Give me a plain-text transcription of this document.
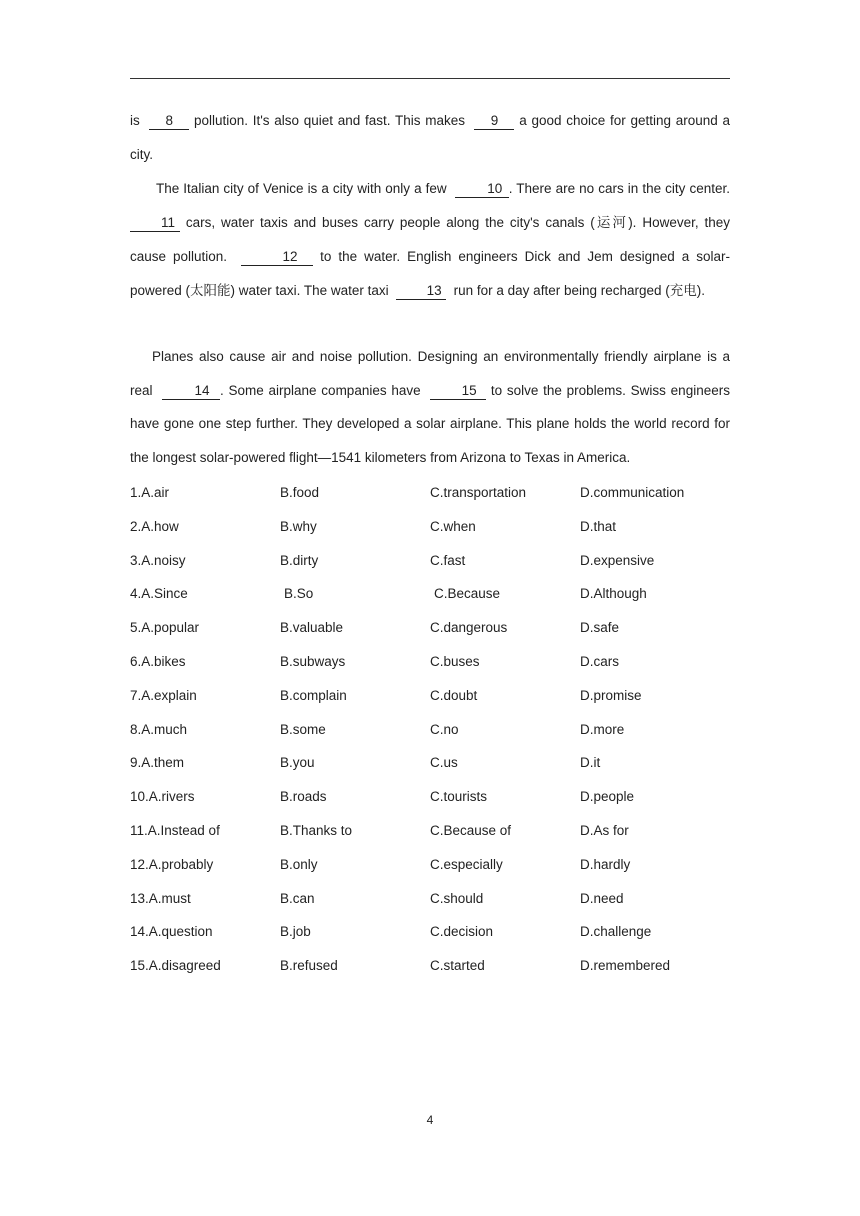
is 8 pollution. It's also quiet and fast. This makes 9 a good choice for getting around a city.

The Italian city of Venice is a city with only a few	10 . There are no cars in the city center. 11 cars, water taxis and buses carry people along the city's canals (运河). However, they cause pollution.	12 to the water. English engineers Dick and Jem designed a solar-powered (太阳能) water taxi. The water taxi	13 run for a day after being recharged (充电).

Planes also cause air and noise pollution. Designing an environmentally friendly airplane is a real	14 . Some airplane companies have	15 to solve the problems. Swiss engineers have gone one step further. They developed a solar airplane. This plane holds the world record for the longest solar-powered flight—1541 kilometers from Arizona to Texas in America.

1.A.air	B.food	C.transportation	D.communication
2.A.how	B.why	C.when	D.that
3.A.noisy	B.dirty	C.fast	D.expensive
4.A.Since	B.So	C.Because	D.Although
5.A.popular	B.valuable	C.dangerous	D.safe
6.A.bikes	B.subways	C.buses	D.cars
7.A.explain	B.complain	C.doubt	D.promise
8.A.much	B.some	C.no	D.more
9.A.them	B.you	C.us	D.it
10.A.rivers	B.roads	C.tourists	D.people
11.A.Instead of	B.Thanks to	C.Because of	D.As for
12.A.probably	B.only	C.especially	D.hardly
13.A.must	B.can	C.should	D.need
14.A.question	B.job	C.decision	D.challenge
15.A.disagreed	B.refused	C.started	D.remembered
4
